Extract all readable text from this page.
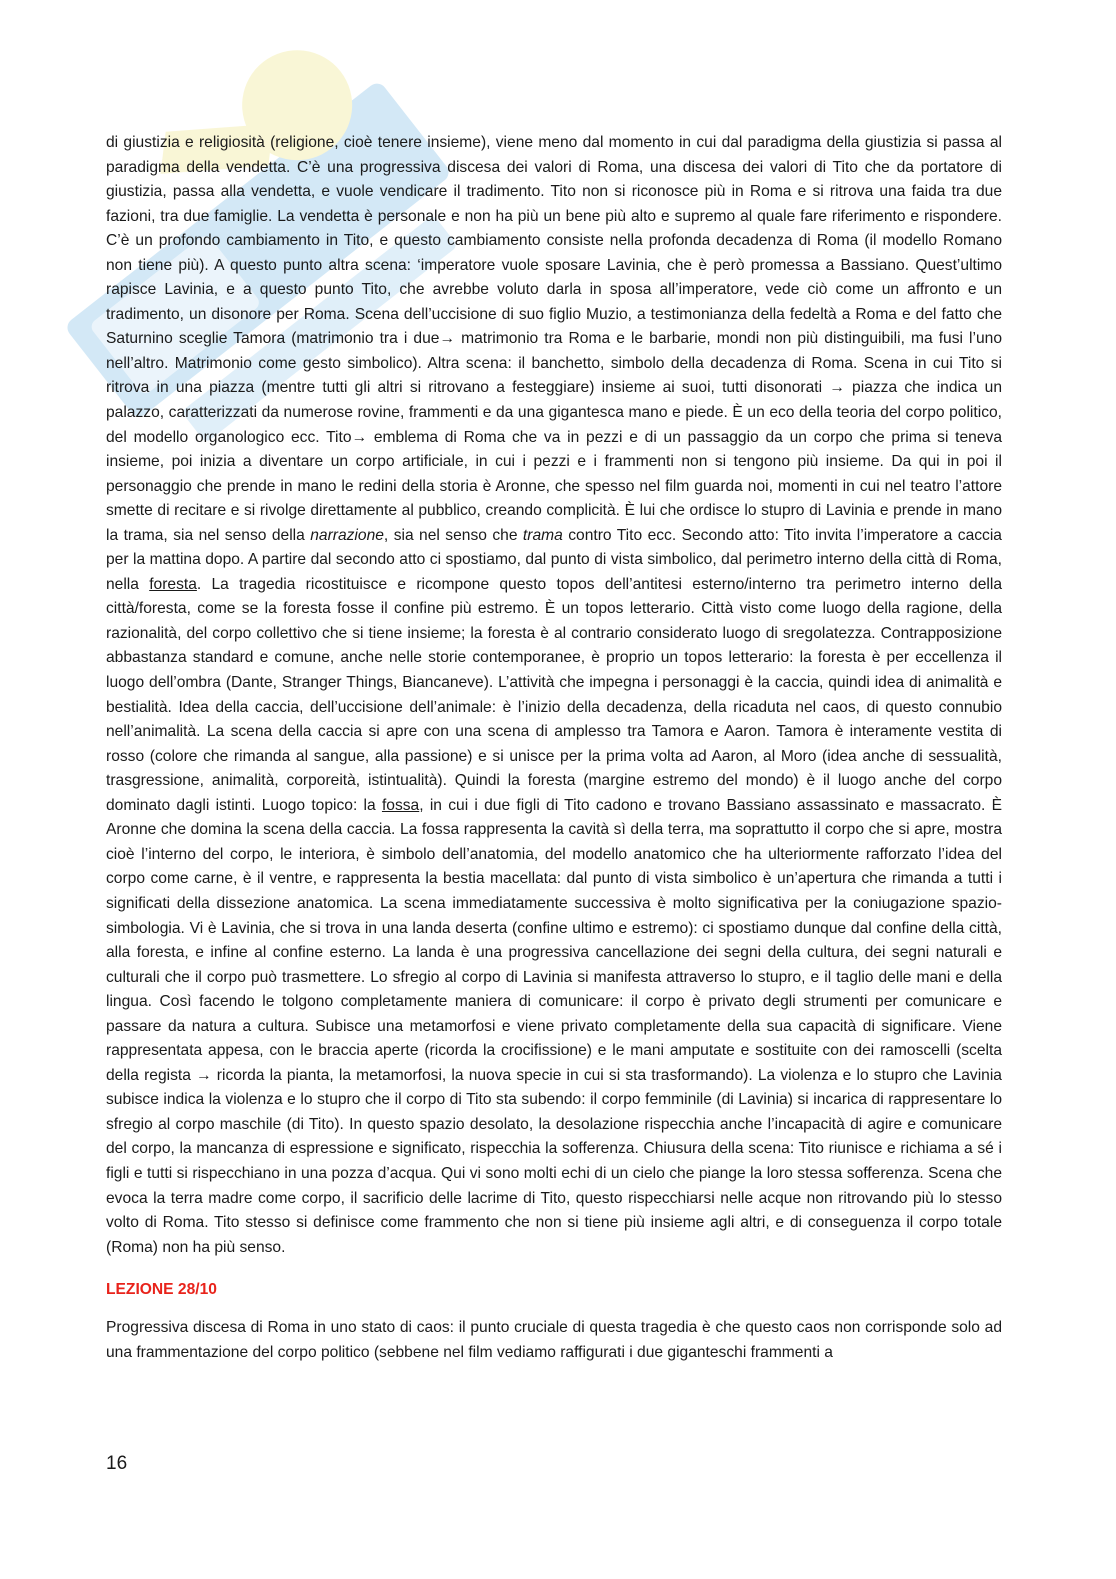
di giustizia e religiosità (religione, cioè tenere insieme), viene meno dal momento in cui dal paradigma della giustizia si passa al paradigma della vendetta. C’è una progressiva discesa dei valori di Roma, una discesa dei valori di Tito che da portatore di giustizia, passa alla vendetta, e vuole vendicare il tradimento. Tito non si riconosce più in Roma e si ritrova una faida tra due fazioni, tra due famiglie. La vendetta è personale e non ha più un bene più alto e supremo al quale fare riferimento e rispondere. C’è un profondo cambiamento in Tito, e questo cambiamento consiste nella profonda decadenza di Roma (il modello Romano non tiene più). A questo punto altra scena: ‘imperatore vuole sposare Lavinia, che è però promessa a Bassiano. Quest’ultimo rapisce Lavinia, e a questo punto Tito, che avrebbe voluto darla in sposa all’imperatore, vede ciò come un affronto e un tradimento, un disonore per Roma. Scena dell’uccisione di suo figlio Muzio, a testimonianza della fedeltà a Roma e del fatto che Saturnino sceglie Tamora (matrimonio tra i due→ matrimonio tra Roma e le barbarie, mondi non più distinguibili, ma fusi l’uno nell’altro. Matrimonio come gesto simbolico). Altra scena: il banchetto, simbolo della decadenza di Roma. Scena in cui Tito si ritrova in una piazza (mentre tutti gli altri si ritrovano a festeggiare) insieme ai suoi, tutti disonorati → piazza che indica un palazzo, caratterizzati da numerose rovine, frammenti e da una gigantesca mano e piede. È un eco della teoria del corpo politico, del modello organologico ecc. Tito→ emblema di Roma che va in pezzi e di un passaggio da un corpo che prima si teneva insieme, poi inizia a diventare un corpo artificiale, in cui i pezzi e i frammenti non si tengono più insieme. Da qui in poi il personaggio che prende in mano le redini della storia è Aronne, che spesso nel film guarda noi, momenti in cui nel teatro l’attore smette di recitare e si rivolge direttamente al pubblico, creando complicità. È lui che ordisce lo stupro di Lavinia e prende in mano la trama, sia nel senso della narrazione, sia nel senso che trama contro Tito ecc. Secondo atto: Tito invita l’imperatore a caccia per la mattina dopo. A partire dal secondo atto ci spostiamo, dal punto di vista simbolico, dal perimetro interno della città di Roma, nella foresta. La tragedia ricostituisce e ricompone questo topos dell’antitesi esterno/interno tra perimetro interno della città/foresta, come se la foresta fosse il confine più estremo. È un topos letterario. Città visto come luogo della ragione, della razionalità, del corpo collettivo che si tiene insieme; la foresta è al contrario considerato luogo di sregolatezza. Contrapposizione abbastanza standard e comune, anche nelle storie contemporanee, è proprio un topos letterario: la foresta è per eccellenza il luogo dell’ombra (Dante, Stranger Things, Biancaneve). L’attività che impegna i personaggi è la caccia, quindi idea di animalità e bestialità. Idea della caccia, dell’uccisione dell’animale: è l’inizio della decadenza, della ricaduta nel caos, di questo connubio nell’animalità. La scena della caccia si apre con una scena di amplesso tra Tamora e Aaron. Tamora è interamente vestita di rosso (colore che rimanda al sangue, alla passione) e si unisce per la prima volta ad Aaron, al Moro (idea anche di sessualità, trasgressione, animalità, corporeità, istintualità). Quindi la foresta (margine estremo del mondo) è il luogo anche del corpo dominato dagli istinti. Luogo topico: la fossa, in cui i due figli di Tito cadono e trovano Bassiano assassinato e massacrato. È Aronne che domina la scena della caccia. La fossa rappresenta la cavità sì della terra, ma soprattutto il corpo che si apre, mostra cioè l’interno del corpo, le interiora, è simbolo dell’anatomia, del modello anatomico che ha ulteriormente rafforzato l’idea del corpo come carne, è il ventre, e rappresenta la bestia macellata: dal punto di vista simbolico è un’apertura che rimanda a tutti i significati della dissezione anatomica. La scena immediatamente successiva è molto significativa per la coniugazione spazio-simbologia. Vi è Lavinia, che si trova in una landa deserta (confine ultimo e estremo): ci spostiamo dunque dal confine della città, alla foresta, e infine al confine esterno. La landa è una progressiva cancellazione dei segni della cultura, dei segni naturali e culturali che il corpo può trasmettere. Lo sfregio al corpo di Lavinia si manifesta attraverso lo stupro, e il taglio delle mani e della lingua. Così facendo le tolgono completamente maniera di comunicare: il corpo è privato degli strumenti per comunicare e passare da natura a cultura. Subisce una metamorfosi e viene privato completamente della sua capacità di significare. Viene rappresentata appesa, con le braccia aperte (ricorda la crocifissione) e le mani amputate e sostituite con dei ramoscelli (scelta della regista → ricorda la pianta, la metamorfosi, la nuova specie in cui si sta trasformando). La violenza e lo stupro che Lavinia subisce indica la violenza e lo stupro che il corpo di Tito sta subendo: il corpo femminile (di Lavinia) si incarica di rappresentare lo sfregio al corpo maschile (di Tito). In questo spazio desolato, la desolazione rispecchia anche l’incapacità di agire e comunicare del corpo, la mancanza di espressione e significato, rispecchia la sofferenza. Chiusura della scena: Tito riunisce e richiama a sé i figli e tutti si rispecchiano in una pozza d’acqua. Qui vi sono molti echi di un cielo che piange la loro stessa sofferenza. Scena che evoca la terra madre come corpo, il sacrificio delle lacrime di Tito, questo rispecchiarsi nelle acque non ritrovando più lo stesso volto di Roma. Tito stesso si definisce come frammento che non si tiene più insieme agli altri, e di conseguenza il corpo totale (Roma) non ha più senso.

LEZIONE 28/10

Progressiva discesa di Roma in uno stato di caos: il punto cruciale di questa tragedia è che questo caos non corrisponde solo ad una frammentazione del corpo politico (sebbene nel film vediamo raffigurati i due giganteschi frammenti a

16
